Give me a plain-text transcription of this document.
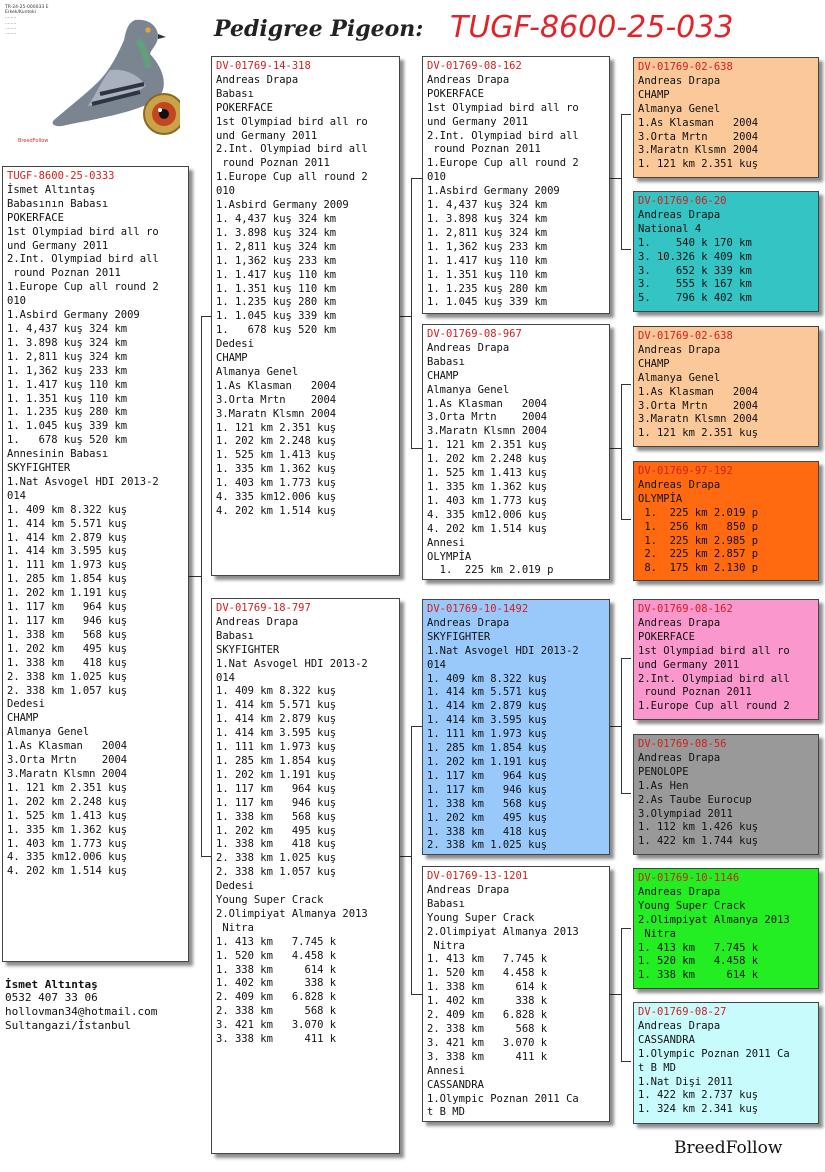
Pedigree Pigeon: TUGF-8600-25-033
TR-24-25-000033 E
Erkek/Kunteki
........
........
........
........
BreedFollow
TUGF-8600-25-0333
İsmet Altıntaş
Babasının Babası
POKERFACE
1st Olympiad bird all ro
und Germany 2011
2.Int. Olympiad bird all
round Poznan 2011
1.Europe Cup all round 2
010
1.Asbird Germany 2009
1. 4,437 kuş 324 km
1. 3.898 kuş 324 km
1. 2,811 kuş 324 km
1. 1,362 kuş 233 km
1. 1.417 kuş 110 km
1. 1.351 kuş 110 km
1. 1.235 kuş 280 km
1. 1.045 kuş 339 km
1.   678 kuş 520 km
Annesinin Babası
SKYFIGHTER
1.Nat Asvogel HDI 2013-2
014
1. 409 km 8.322 kuş
1. 414 km 5.571 kuş
1. 414 km 2.879 kuş
1. 414 km 3.595 kuş
1. 111 km 1.973 kuş
1. 285 km 1.854 kuş
1. 202 km 1.191 kuş
1. 117 km   964 kuş
1. 117 km   946 kuş
1. 338 km   568 kuş
1. 202 km   495 kuş
1. 338 km   418 kuş
2. 338 km 1.025 kuş
2. 338 km 1.057 kuş
Dedesi
CHAMP
Almanya Genel
1.As Klasman   2004
3.Orta Mrtn    2004
3.Maratn Klsmn 2004
1. 121 km 2.351 kuş
1. 202 km 2.248 kuş
1. 525 km 1.413 kuş
1. 335 km 1.362 kuş
1. 403 km 1.773 kuş
4. 335 km12.006 kuş
4. 202 km 1.514 kuş
DV-01769-14-318
Andreas Drapa
Babası
POKERFACE
1st Olympiad bird all ro
und Germany 2011
2.Int. Olympiad bird all
round Poznan 2011
1.Europe Cup all round 2
010
1.Asbird Germany 2009
1. 4,437 kuş 324 km
1. 3.898 kuş 324 km
1. 2,811 kuş 324 km
1. 1,362 kuş 233 km
1. 1.417 kuş 110 km
1. 1.351 kuş 110 km
1. 1.235 kuş 280 km
1. 1.045 kuş 339 km
1.   678 kuş 520 km
Dedesi
CHAMP
Almanya Genel
1.As Klasman   2004
3.Orta Mrtn    2004
3.Maratn Klsmn 2004
1. 121 km 2.351 kuş
1. 202 km 2.248 kuş
1. 525 km 1.413 kuş
1. 335 km 1.362 kuş
1. 403 km 1.773 kuş
4. 335 km12.006 kuş
4. 202 km 1.514 kuş
DV-01769-18-797
Andreas Drapa
Babası
SKYFIGHTER
1.Nat Asvogel HDI 2013-2
014
1. 409 km 8.322 kuş
1. 414 km 5.571 kuş
1. 414 km 2.879 kuş
1. 414 km 3.595 kuş
1. 111 km 1.973 kuş
1. 285 km 1.854 kuş
1. 202 km 1.191 kuş
1. 117 km   964 kuş
1. 117 km   946 kuş
1. 338 km   568 kuş
1. 202 km   495 kuş
1. 338 km   418 kuş
2. 338 km 1.025 kuş
2. 338 km 1.057 kuş
Dedesi
Young Super Crack
2.Olimpiyat Almanya 2013
Nitra
1. 413 km   7.745 k
1. 520 km   4.458 k
1. 338 km     614 k
1. 402 km     338 k
2. 409 km   6.828 k
2. 338 km     568 k
3. 421 km   3.070 k
3. 338 km     411 k
DV-01769-08-162
Andreas Drapa
POKERFACE
1st Olympiad bird all ro
und Germany 2011
2.Int. Olympiad bird all
round Poznan 2011
1.Europe Cup all round 2
010
1.Asbird Germany 2009
1. 4,437 kuş 324 km
1. 3.898 kuş 324 km
1. 2,811 kuş 324 km
1. 1,362 kuş 233 km
1. 1.417 kuş 110 km
1. 1.351 kuş 110 km
1. 1.235 kuş 280 km
1. 1.045 kuş 339 km
DV-01769-08-967
Andreas Drapa
Babası
CHAMP
Almanya Genel
1.As Klasman   2004
3.Orta Mrtn    2004
3.Maratn Klsmn 2004
1. 121 km 2.351 kuş
1. 202 km 2.248 kuş
1. 525 km 1.413 kuş
1. 335 km 1.362 kuş
1. 403 km 1.773 kuş
4. 335 km12.006 kuş
4. 202 km 1.514 kuş
Annesi
OLYMPİA
1.  225 km 2.019 p
DV-01769-10-1492
Andreas Drapa
SKYFIGHTER
1.Nat Asvogel HDI 2013-2
014
1. 409 km 8.322 kuş
1. 414 km 5.571 kuş
1. 414 km 2.879 kuş
1. 414 km 3.595 kuş
1. 111 km 1.973 kuş
1. 285 km 1.854 kuş
1. 202 km 1.191 kuş
1. 117 km   964 kuş
1. 117 km   946 kuş
1. 338 km   568 kuş
1. 202 km   495 kuş
1. 338 km   418 kuş
2. 338 km 1.025 kuş
DV-01769-13-1201
Andreas Drapa
Babası
Young Super Crack
2.Olimpiyat Almanya 2013
Nitra
1. 413 km   7.745 k
1. 520 km   4.458 k
1. 338 km     614 k
1. 402 km     338 k
2. 409 km   6.828 k
2. 338 km     568 k
3. 421 km   3.070 k
3. 338 km     411 k
Annesi
CASSANDRA
1.Olympic Poznan 2011 Ca
t B MD
DV-01769-02-638
Andreas Drapa
CHAMP
Almanya Genel
1.As Klasman   2004
3.Orta Mrtn    2004
3.Maratn Klsmn 2004
1. 121 km 2.351 kuş
DV-01769-06-20
Andreas Drapa
National 4
1.    540 k 170 km
3. 10.326 k 409 km
3.    652 k 339 km
3.    555 k 167 km
5.    796 k 402 km
DV-01769-02-638
Andreas Drapa
CHAMP
Almanya Genel
1.As Klasman   2004
3.Orta Mrtn    2004
3.Maratn Klsmn 2004
1. 121 km 2.351 kuş
DV-01769-97-192
Andreas Drapa
OLYMPİA
1.  225 km 2.019 p
1.  256 km   850 p
1.  225 km 2.985 p
2.  225 km 2.857 p
8.  175 km 2.130 p
DV-01769-08-162
Andreas Drapa
POKERFACE
1st Olympiad bird all ro
und Germany 2011
2.Int. Olympiad bird all
round Poznan 2011
1.Europe Cup all round 2
DV-01769-08-56
Andreas Drapa
PENOLOPE
1.As Hen
2.As Taube Eurocup
3.Olympiad 2011
1. 112 km 1.426 kuş
1. 422 km 1.744 kuş
DV-01769-10-1146
Andreas Drapa
Young Super Crack
2.Olimpiyat Almanya 2013
Nitra
1. 413 km   7.745 k
1. 520 km   4.458 k
1. 338 km     614 k
DV-01769-08-27
Andreas Drapa
CASSANDRA
1.Olympic Poznan 2011 Ca
t B MD
1.Nat Dişi 2011
1. 422 km 2.737 kuş
1. 324 km 2.341 kuş
İsmet Altıntaş
0532 407 33 06
hollovman34@hotmail.com
Sultangazi/İstanbul
BreedFollow
